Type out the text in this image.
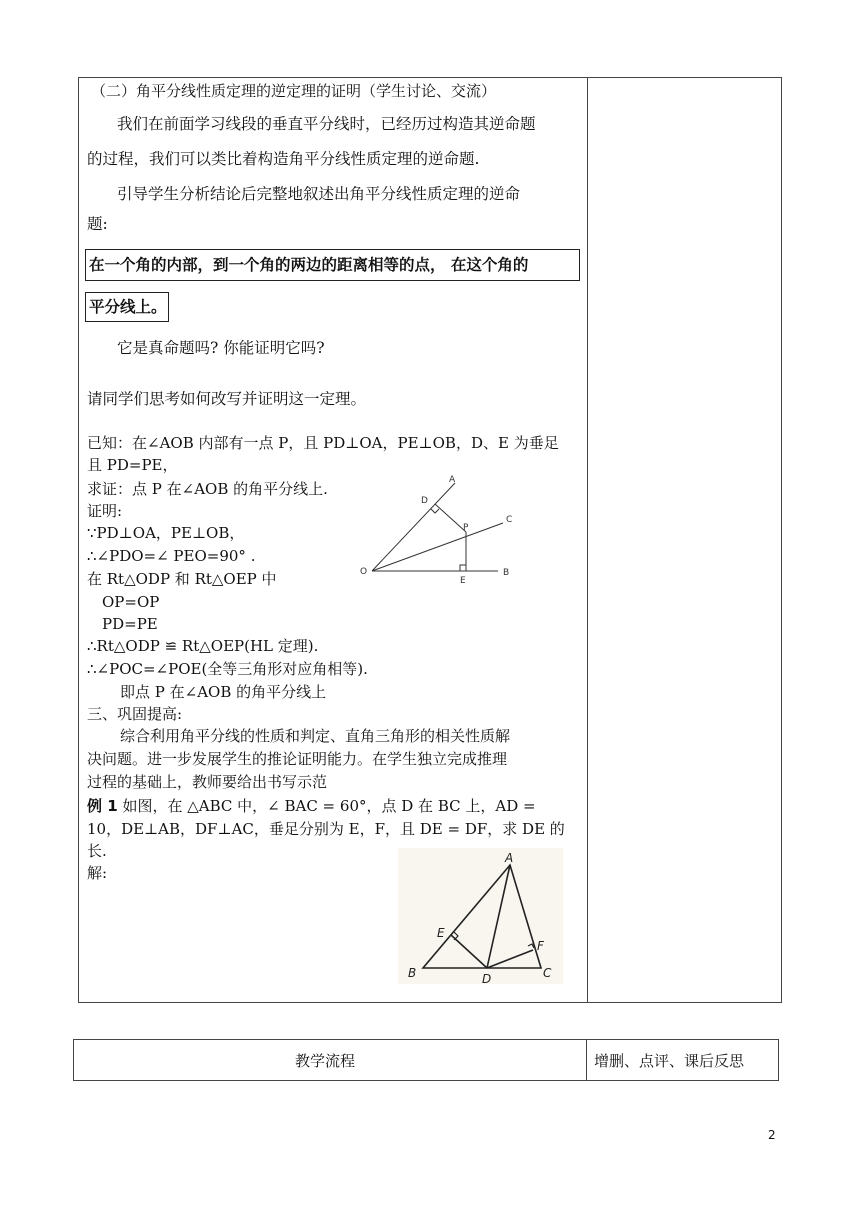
（二）角平分线性质定理的逆定理的证明（学生讨论、交流）
我们在前面学习线段的垂直平分线时，已经历过构造其逆命题
的过程，我们可以类比着构造角平分线性质定理的逆命题.
引导学生分析结论后完整地叙述出角平分线性质定理的逆命
题:
在一个角的内部，到一个角的两边的距离相等的点， 在这个角的
平分线上。
它是真命题吗? 你能证明它吗?
请同学们思考如何改写并证明这一定理。
已知：在∠AOB 内部有一点 P，且 PD⊥OA，PE⊥OB，D、E 为垂足
且 PD=PE，
求证：点 P 在∠AOB 的角平分线上.
证明:
∵PD⊥OA，PE⊥OB，
∴∠PDO=∠ PEO=90° .
在 Rt△ODP 和 Rt△OEP 中
OP=OP
PD=PE
∴Rt△ODP ≌ Rt△OEP(HL 定理).
∴∠POC=∠POE(全等三角形对应角相等).
即点 P 在∠AOB 的角平分线上
A
D
P
C
O
E
B
三、巩固提高:
综合利用角平分线的性质和判定、直角三角形的相关性质解
决问题。进一步发展学生的推论证明能力。在学生独立完成推理
过程的基础上，教师要给出书写示范
例 1 如图，在 △ABC 中，∠ BAC = 60°，点 D 在 BC 上，AD =
10，DE⊥AB，DF⊥AC，垂足分别为 E，F，且 DE = DF，求 DE 的
长.
解:
A
E
F
B	D	C
教学流程	增删、点评、课后反思
2
